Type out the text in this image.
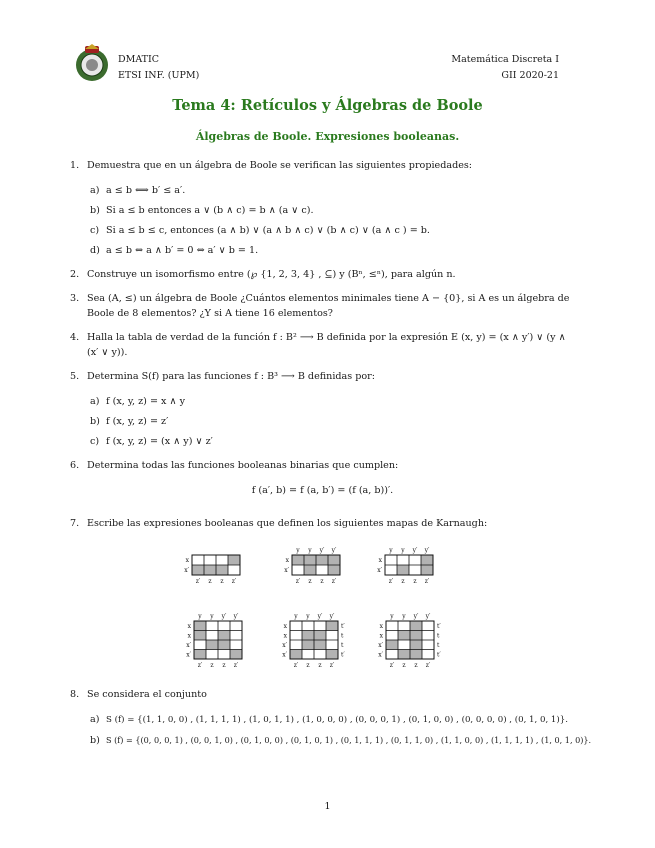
DMATIC
ETSI INF. (UPM)
Matemática Discreta I
GII 2020-21
Tema 4: Retículos y Álgebras de Boole
Álgebras de Boole. Expresiones booleanas.
1. Demuestra que en un álgebra de Boole se verifican las siguientes propiedades:
a) a ≤ b ⟺ b′ ≤ a′.
b) Si a ≤ b entonces a ∨ (b ∧ c) = b ∧ (a ∨ c).
c) Si a ≤ b ≤ c, entonces (a ∧ b) ∨ (a ∧ b ∧ c) ∨ (b ∧ c) ∨ (a ∧ c ) = b.
d) a ≤ b ⇔ a ∧ b′ = 0 ⇔ a′ ∨ b = 1.
2. Construye un isomorfismo entre (℘ {1, 2, 3, 4} , ⊆) y (Bⁿ, ≤ⁿ), para algún n.
3. Sea (A, ≤) un álgebra de Boole ¿Cuántos elementos minimales tiene A − {0}, si A es un álgebra de Boole de 8 elementos? ¿Y si A tiene 16 elementos?
4. Halla la tabla de verdad de la función f : B² ⟶ B definida por la expresión E (x, y) = (x ∧ y′) ∨ (y ∧ (x′ ∨ y)).
5. Determina S(f) para las funciones f : B³ ⟶ B definidas por:
a) f (x, y, z) = x ∧ y
b) f (x, y, z) = z′
c) f (x, y, z) = (x ∧ y) ∨ z′
6. Determina todas las funciones booleanas binarias que cumplen:
f (a′, b) = f (a, b′) = (f (a, b))′.
7. Escribe las expresiones booleanas que definen los siguientes mapas de Karnaugh:
z′ z z z′
x
x′
y y y′ y′
z′ z z z′
x
x′
y y y′ y′
z′ z z z′
x
x′
y y y′ y′
z′ z z z′
x
x
x′
x′
y y y′ y′
z′ z z z′
x
x
x′
x′
t′
t
t
t′
y y y′ y′
z′ z z z′
x
x
x′
x′
t′
t
t
t′
8. Se considera el conjunto
a) S (f) = {(1, 1, 0, 0) , (1, 1, 1, 1) , (1, 0, 1, 1) , (1, 0, 0, 0) , (0, 0, 0, 1) , (0, 1, 0, 0) , (0, 0, 0, 0) , (0, 1, 0, 1)}.
b) S (f) = {(0, 0, 0, 1) , (0, 0, 1, 0) , (0, 1, 0, 0) , (0, 1, 0, 1) , (0, 1, 1, 1) , (0, 1, 1, 0) , (1, 1, 0, 0) , (1, 1, 1, 1) , (1, 0, 1, 0)}.
1
